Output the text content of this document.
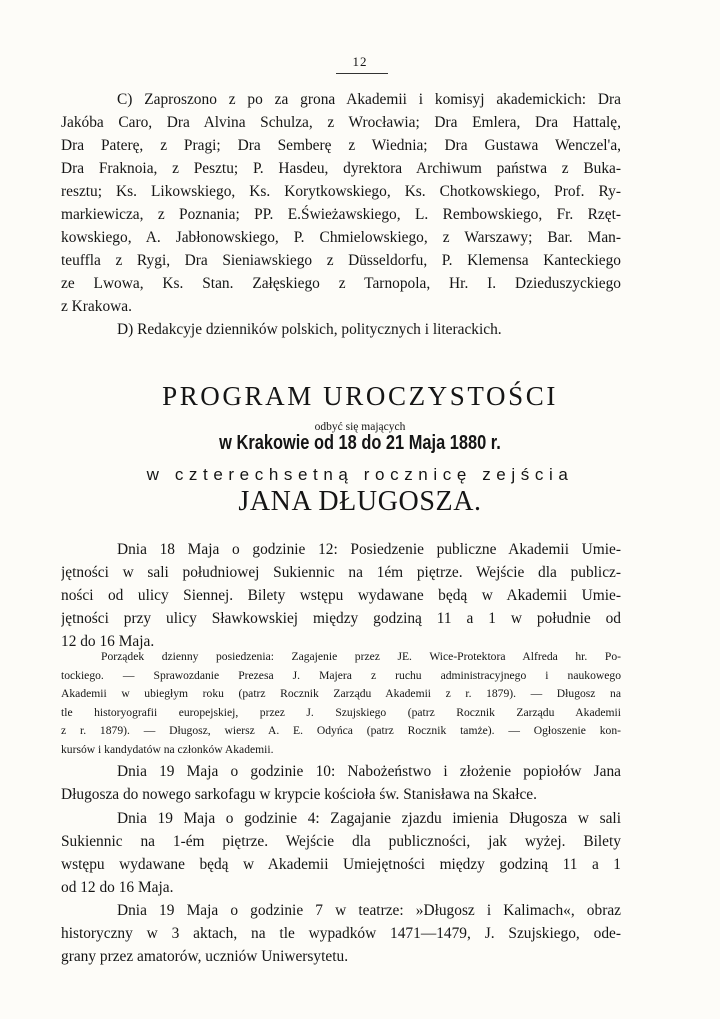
12
C) Zaproszono z po za grona Akademii i komisyj akademickich: Dra
Jakóba Caro, Dra Alvina Schulza, z Wrocławia; Dra Emlera, Dra Hattalę,
Dra Paterę, z Pragi; Dra Semberę z Wiednia; Dra Gustawa Wenczel'a,
Dra Fraknoia, z Pesztu; P. Hasdeu, dyrektora Archiwum państwa z Buka-
resztu; Ks. Likowskiego, Ks. Korytkowskiego, Ks. Chotkowskiego, Prof. Ry-
markiewicza, z Poznania; PP. E.Świeżawskiego, L. Rembowskiego, Fr. Rzęt-
kowskiego, A. Jabłonowskiego, P. Chmielowskiego, z Warszawy; Bar. Man-
teuffla z Rygi, Dra Sieniawskiego z Düsseldorfu, P. Klemensa Kanteckiego
ze Lwowa, Ks. Stan. Załęskiego z Tarnopola, Hr. I. Dzieduszyckiego
z Krakowa.
D) Redakcyje dzienników polskich, politycznych i literackich.
PROGRAM UROCZYSTOŚCI
odbyć się mających
w Krakowie od 18 do 21 Maja 1880 r.
w czterechsetną rocznicę zejścia
JANA DŁUGOSZA.
Dnia 18 Maja o godzinie 12: Posiedzenie publiczne Akademii Umie-
jętności w sali południowej Sukiennic na 1ém piętrze. Wejście dla publicz-
ności od ulicy Siennej. Bilety wstępu wydawane będą w Akademii Umie-
jętności przy ulicy Sławkowskiej między godziną 11 a 1 w południe od
12 do 16 Maja.
Porządek dzienny posiedzenia: Zagajenie przez JE. Wice-Protektora Alfreda hr. Po-
tockiego. — Sprawozdanie Prezesa J. Majera z ruchu administracyjnego i naukowego
Akademii w ubiegłym roku (patrz Rocznik Zarządu Akademii z r. 1879). — Długosz na
tle historyografii europejskiej, przez J. Szujskiego (patrz Rocznik Zarządu Akademii
z r. 1879). — Długosz, wiersz A. E. Odyńca (patrz Rocznik tamże). — Ogłoszenie kon-
kursów i kandydatów na członków Akademii.
Dnia 19 Maja o godzinie 10: Nabożeństwo i złożenie popiołów Jana
Długosza do nowego sarkofagu w krypcie kościoła św. Stanisława na Skałce.
Dnia 19 Maja o godzinie 4: Zagajanie zjazdu imienia Długosza w sali
Sukiennic na 1-ém piętrze. Wejście dla publiczności, jak wyżej. Bilety
wstępu wydawane będą w Akademii Umiejętności między godziną 11 a 1
od 12 do 16 Maja.
Dnia 19 Maja o godzinie 7 w teatrze: »Długosz i Kalimach«, obraz
historyczny w 3 aktach, na tle wypadków 1471—1479, J. Szujskiego, ode-
grany przez amatorów, uczniów Uniwersytetu.
